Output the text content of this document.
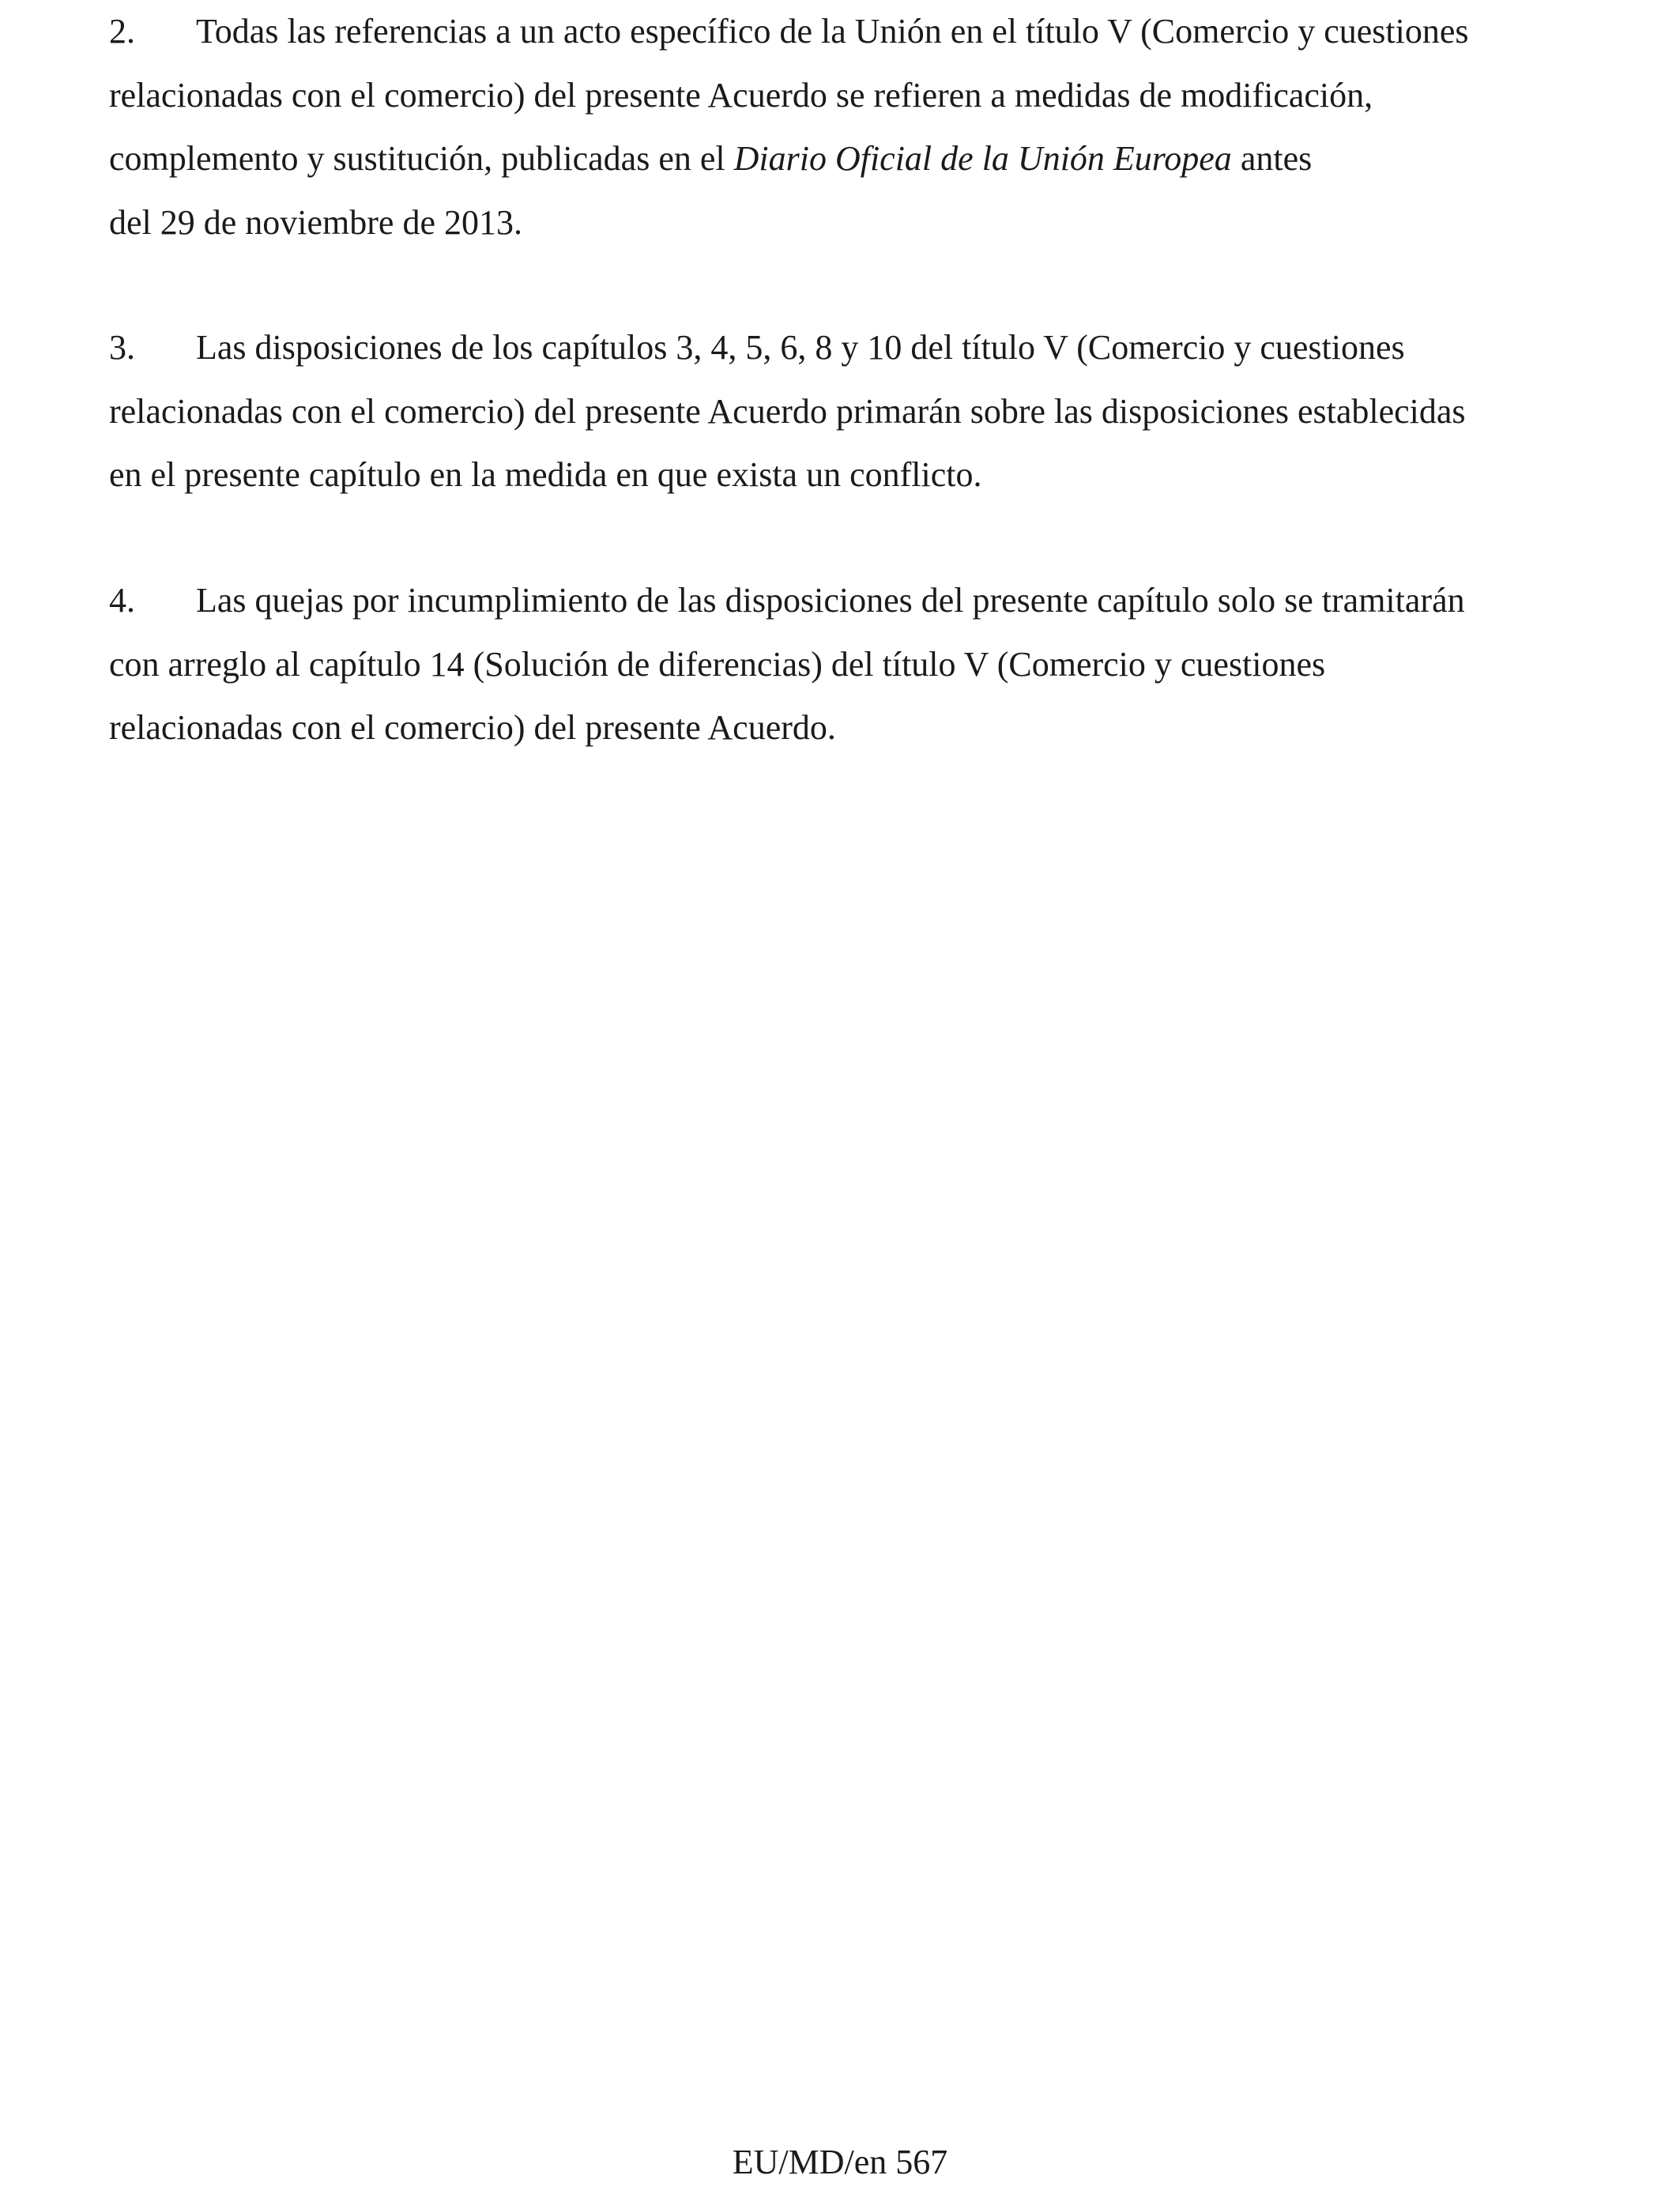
2. Todas las referencias a un acto específico de la Unión en el título V (Comercio y cuestiones
relacionadas con el comercio) del presente Acuerdo se refieren a medidas de modificación,
complemento y sustitución, publicadas en el Diario Oficial de la Unión Europea antes
del 29 de noviembre de 2013.

3. Las disposiciones de los capítulos 3, 4, 5, 6, 8 y 10 del título V (Comercio y cuestiones
relacionadas con el comercio) del presente Acuerdo primarán sobre las disposiciones establecidas
en el presente capítulo en la medida en que exista un conflicto.

4. Las quejas por incumplimiento de las disposiciones del presente capítulo solo se tramitarán
con arreglo al capítulo 14 (Solución de diferencias) del título V (Comercio y cuestiones
relacionadas con el comercio) del presente Acuerdo.

EU/MD/en 567
